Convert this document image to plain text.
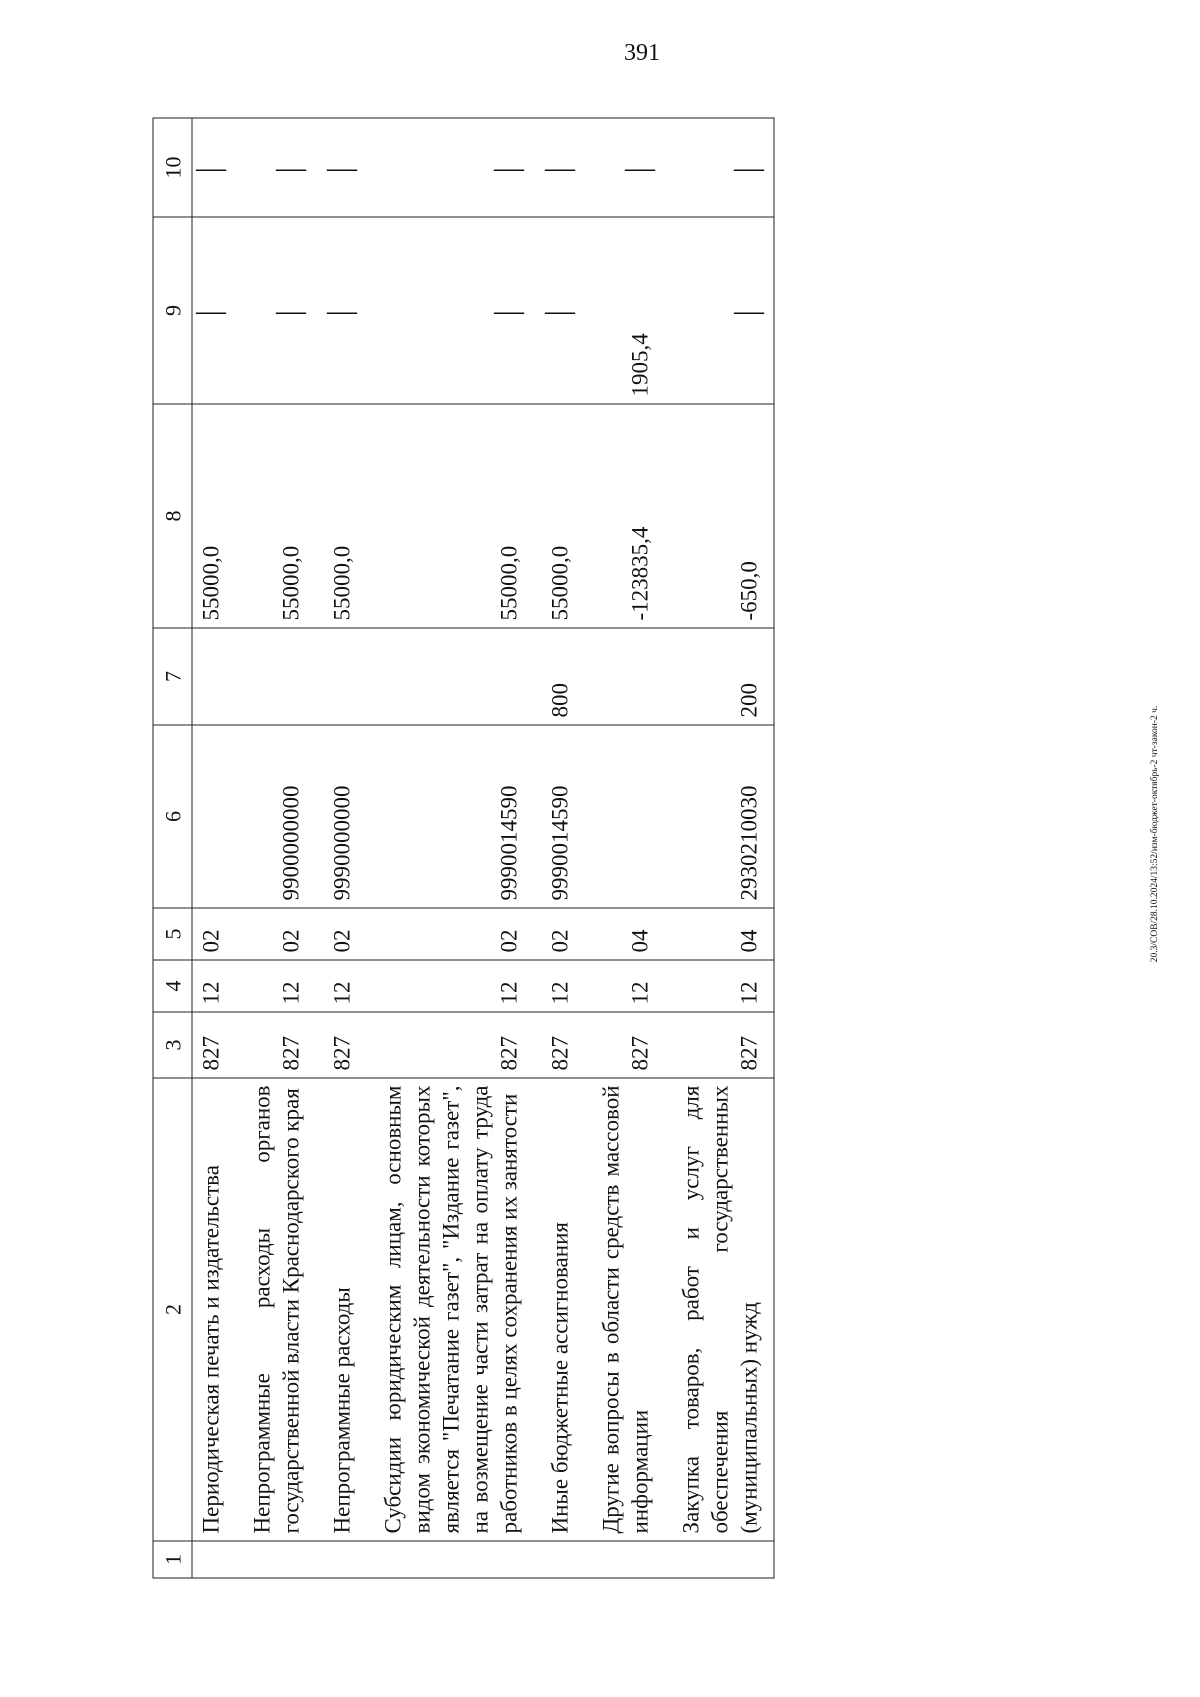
391
20.3/СОВ/28.10.2024/13:52/изм-бюджет-октябрь-2 чт-закон-2 ч.
1	2	3	4	5	6	7	8	9	10
	Периодическая печать и издательства	827	12	02			55000,0	—	—
	Непрограммные расходы органов государственной власти Краснодарского края	827	12	02	9900000000		55000,0	—	—
	Непрограммные расходы	827	12	02	9990000000		55000,0	—	—
	Субсидии юридическим лицам, основным видом экономической деятельности которых является "Печатание газет", "Издание газет", на возмещение части затрат на оплату труда работников в целях сохранения их занятости	827	12	02	9990014590		55000,0	—	—
	Иные бюджетные ассигнования	827	12	02	9990014590	800	55000,0	—	—
	Другие вопросы в области средств массовой информации	827	12	04			-123835,4	1905,4	—
	Закупка товаров, работ и услуг для обеспечения государственных (муниципальных) нужд	827	12	04	2930210030	200	-650,0	—	—
